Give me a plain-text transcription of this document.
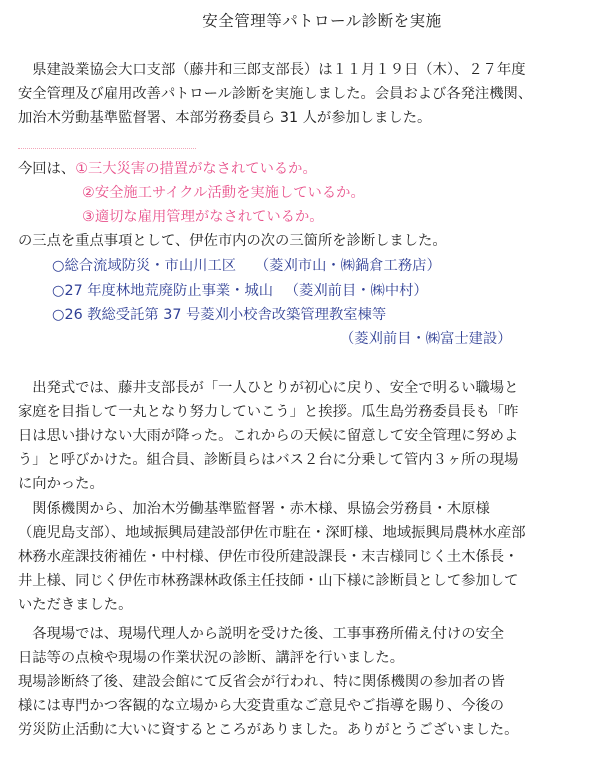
安全管理等パトロール診断を実施

　県建設業協会大口支部（藤井和三郎支部長）は１１月１９日（木）、２７年度

安全管理及び雇用改善パトロール診断を実施しました。会員および各発注機関、

加治木労動基準監督署、本部労務委員ら 31 人が参加しました。

今回は、①三大災害の措置がなされているか。

②安全施工サイクル活動を実施しているか。

③適切な雇用管理がなされているか。

の三点を重点事項として、伊佐市内の次の三箇所を診断しました。

○総合流域防災・市山川工区　 （菱刈市山・㈱鍋倉工務店）
○27 年度林地荒廃防止事業・城山 　（菱刈前目・㈱中村）
○26 教総受託第 37 号菱刈小校舎改築管理教室棟等
（菱刈前目・㈱富士建設）

　出発式では、藤井支部長が「一人ひとりが初心に戻り、安全で明るい職場と

家庭を目指して一丸となり努力していこう」と挨拶。瓜生島労務委員長も「昨

日は思い掛けない大雨が降った。これからの天候に留意して安全管理に努めよ

う」と呼びかけた。組合員、診断員らはバス２台に分乗して管内３ヶ所の現場

に向かった。

　関係機関から、加治木労働基準監督署・赤木様、県協会労務員・木原様

（鹿児島支部）、地域振興局建設部伊佐市駐在・深町様、地域振興局農林水産部

林務水産課技術補佐・中村様、伊佐市役所建設課長・末吉様同じく土木係長・

井上様、同じく伊佐市林務課林政係主任技師・山下様に診断員として参加して

いただきました。

　各現場では、現場代理人から説明を受けた後、工事事務所備え付けの安全

日誌等の点検や現場の作業状況の診断、講評を行いました。

現場診断終了後、建設会館にて反省会が行われ、特に関係機関の参加者の皆

様には専門かつ客観的な立場から大変貴重なご意見やご指導を賜り、今後の

労災防止活動に大いに資するところがありました。ありがとうございました。
